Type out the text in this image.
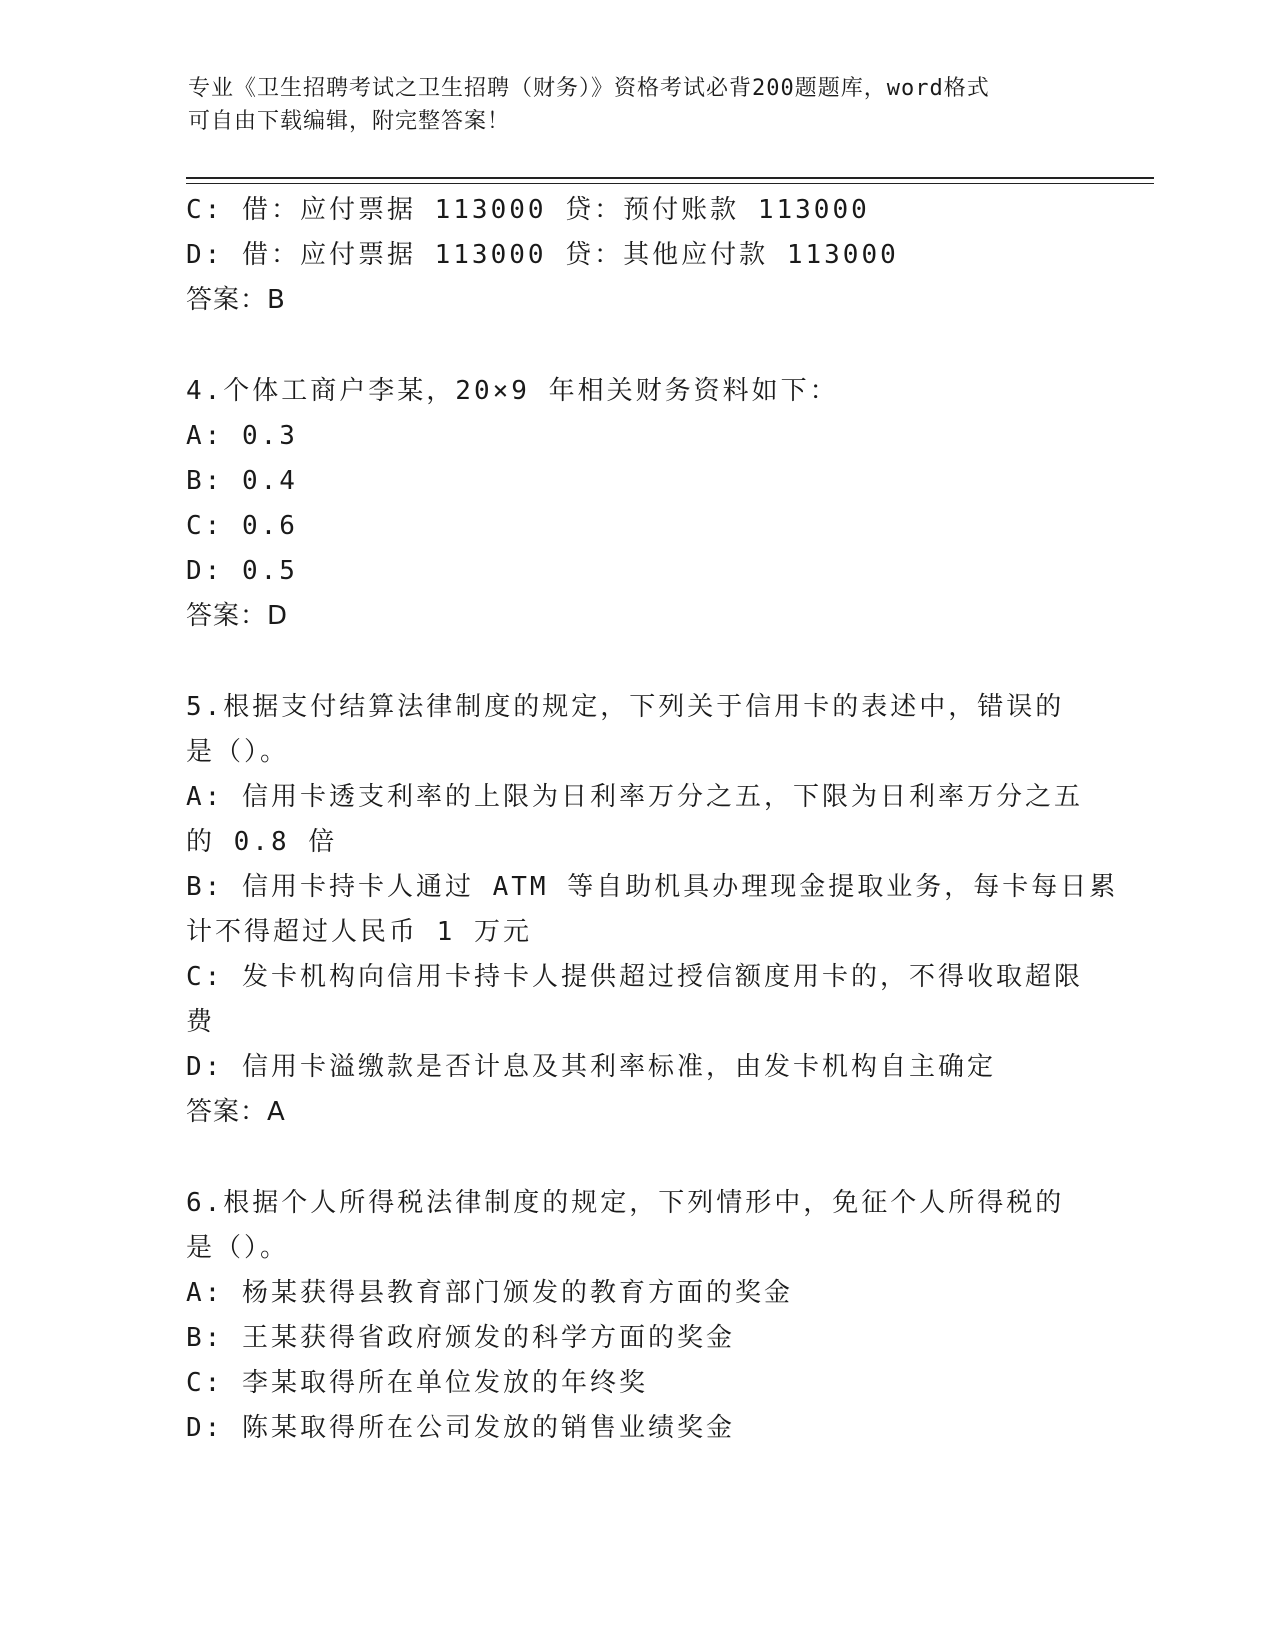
专业《卫生招聘考试之卫生招聘（财务）》资格考试必背200题题库，word格式
可自由下载编辑，附完整答案！
C: 借：应付票据 113000 贷：预付账款 113000
D: 借：应付票据 113000 贷：其他应付款 113000
答案：B
4.个体工商户李某，20×9 年相关财务资料如下：
A: 0.3
B: 0.4
C: 0.6
D: 0.5
答案：D
5.根据支付结算法律制度的规定，下列关于信用卡的表述中，错误的
是（）。
A: 信用卡透支利率的上限为日利率万分之五，下限为日利率万分之五
的 0.8 倍
B: 信用卡持卡人通过 ATM 等自助机具办理现金提取业务，每卡每日累
计不得超过人民币 1 万元
C: 发卡机构向信用卡持卡人提供超过授信额度用卡的，不得收取超限
费
D: 信用卡溢缴款是否计息及其利率标准，由发卡机构自主确定
答案：A
6.根据个人所得税法律制度的规定，下列情形中，免征个人所得税的
是（）。
A: 杨某获得县教育部门颁发的教育方面的奖金
B: 王某获得省政府颁发的科学方面的奖金
C: 李某取得所在单位发放的年终奖
D: 陈某取得所在公司发放的销售业绩奖金
